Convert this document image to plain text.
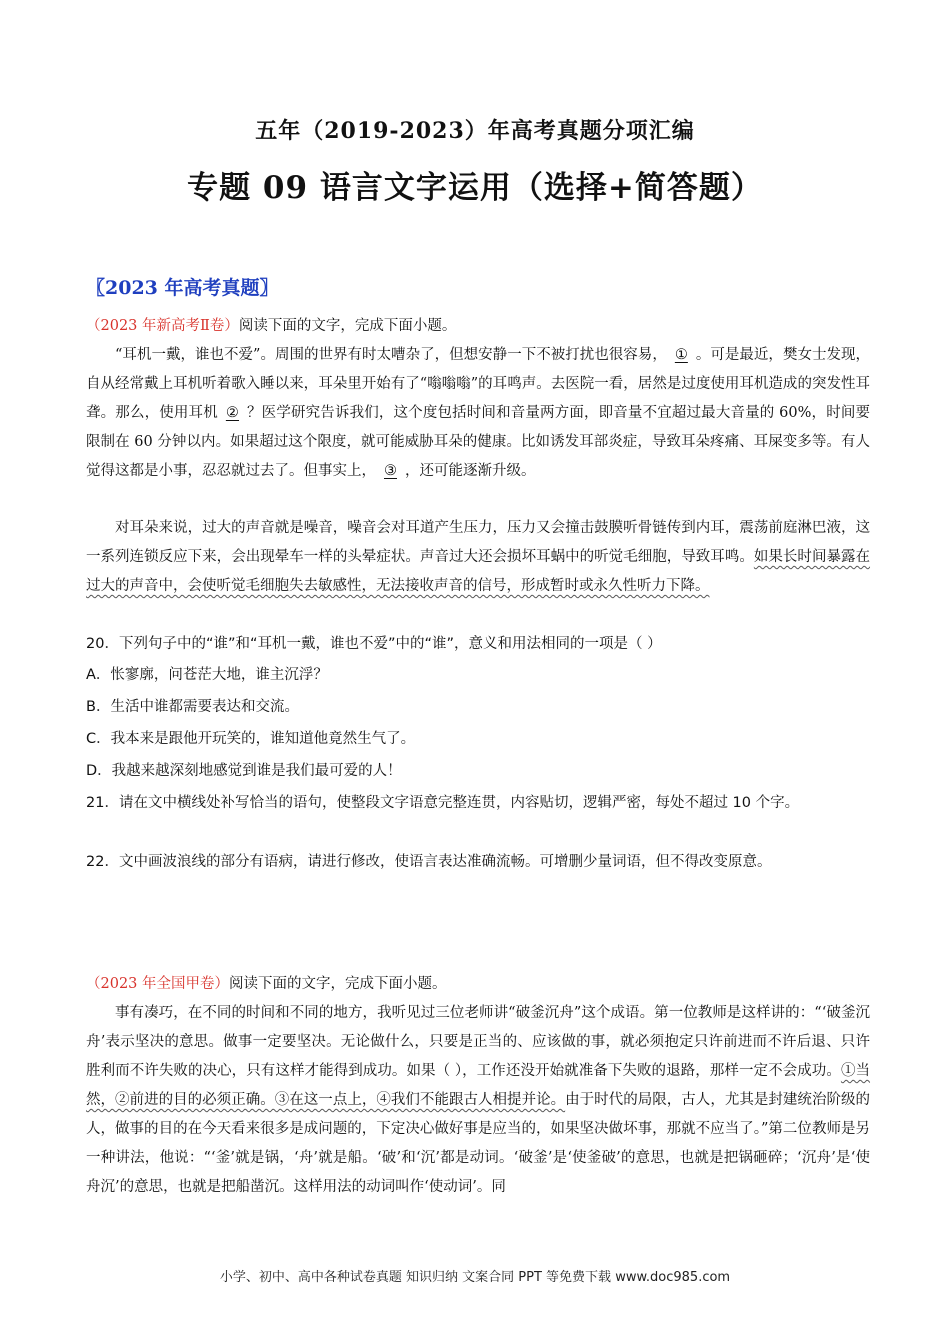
五年（2019-2023）年高考真题分项汇编
专题 09 语言文字运用（选择+简答题）
〖2023 年高考真题〗
（2023 年新高考Ⅱ卷）阅读下面的文字，完成下面小题。
“耳机一戴，谁也不爱”。周围的世界有时太嘈杂了，但想安静一下不被打扰也很容易， ① 。可是最近，樊女士发现，自从经常戴上耳机听着歌入睡以来，耳朵里开始有了“嗡嗡嗡”的耳鸣声。去医院一看，居然是过度使用耳机造成的突发性耳聋。那么，使用耳机 ② ？医学研究告诉我们，这个度包括时间和音量两方面，即音量不宜超过最大音量的 60%，时间要限制在 60 分钟以内。如果超过这个限度，就可能威胁耳朵的健康。比如诱发耳部炎症，导致耳朵疼痛、耳屎变多等。有人觉得这都是小事，忍忍就过去了。但事实上， ③ ，还可能逐渐升级。
对耳朵来说，过大的声音就是噪音，噪音会对耳道产生压力，压力又会撞击鼓膜听骨链传到内耳，震荡前庭淋巴液，这一系列连锁反应下来，会出现晕车一样的头晕症状。声音过大还会损坏耳蜗中的听觉毛细胞，导致耳鸣。如果长时间暴露在过大的声音中，会使听觉毛细胞失去敏感性，无法接收声音的信号，形成暂时或永久性听力下降。
20．下列句子中的“谁”和“耳机一戴，谁也不爱”中的“谁”，意义和用法相同的一项是（ ）
A．怅寥廓，问苍茫大地，谁主沉浮？
B．生活中谁都需要表达和交流。
C．我本来是跟他开玩笑的，谁知道他竟然生气了。
D．我越来越深刻地感觉到谁是我们最可爱的人！
21．请在文中横线处补写恰当的语句，使整段文字语意完整连贯，内容贴切，逻辑严密，每处不超过 10 个字。
22．文中画波浪线的部分有语病，请进行修改，使语言表达准确流畅。可增删少量词语，但不得改变原意。
（2023 年全国甲卷）阅读下面的文字，完成下面小题。
事有凑巧，在不同的时间和不同的地方，我听见过三位老师讲“破釜沉舟”这个成语。第一位教师是这样讲的：“‘破釜沉舟’表示坚决的意思。做事一定要坚决。无论做什么，只要是正当的、应该做的事，就必须抱定只许前进而不许后退、只许胜利而不许失败的决心，只有这样才能得到成功。如果（ ），工作还没开始就准备下失败的退路，那样一定不会成功。①当然，②前进的目的必须正确。③在这一点上，④我们不能跟古人相提并论。由于时代的局限，古人，尤其是封建统治阶级的人，做事的目的在今天看来很多是成问题的，下定决心做好事是应当的，如果坚决做坏事，那就不应当了。”第二位教师是另一种讲法，他说：“‘釜’就是锅，‘舟’就是船。‘破’和‘沉’都是动词。‘破釜’是‘使釜破’的意思，也就是把锅砸碎；‘沉舟’是‘使舟沉’的意思，也就是把船凿沉。这样用法的动词叫作‘使动词’。同
小学、初中、高中各种试卷真题 知识归纳 文案合同 PPT 等免费下载 www.doc985.com
